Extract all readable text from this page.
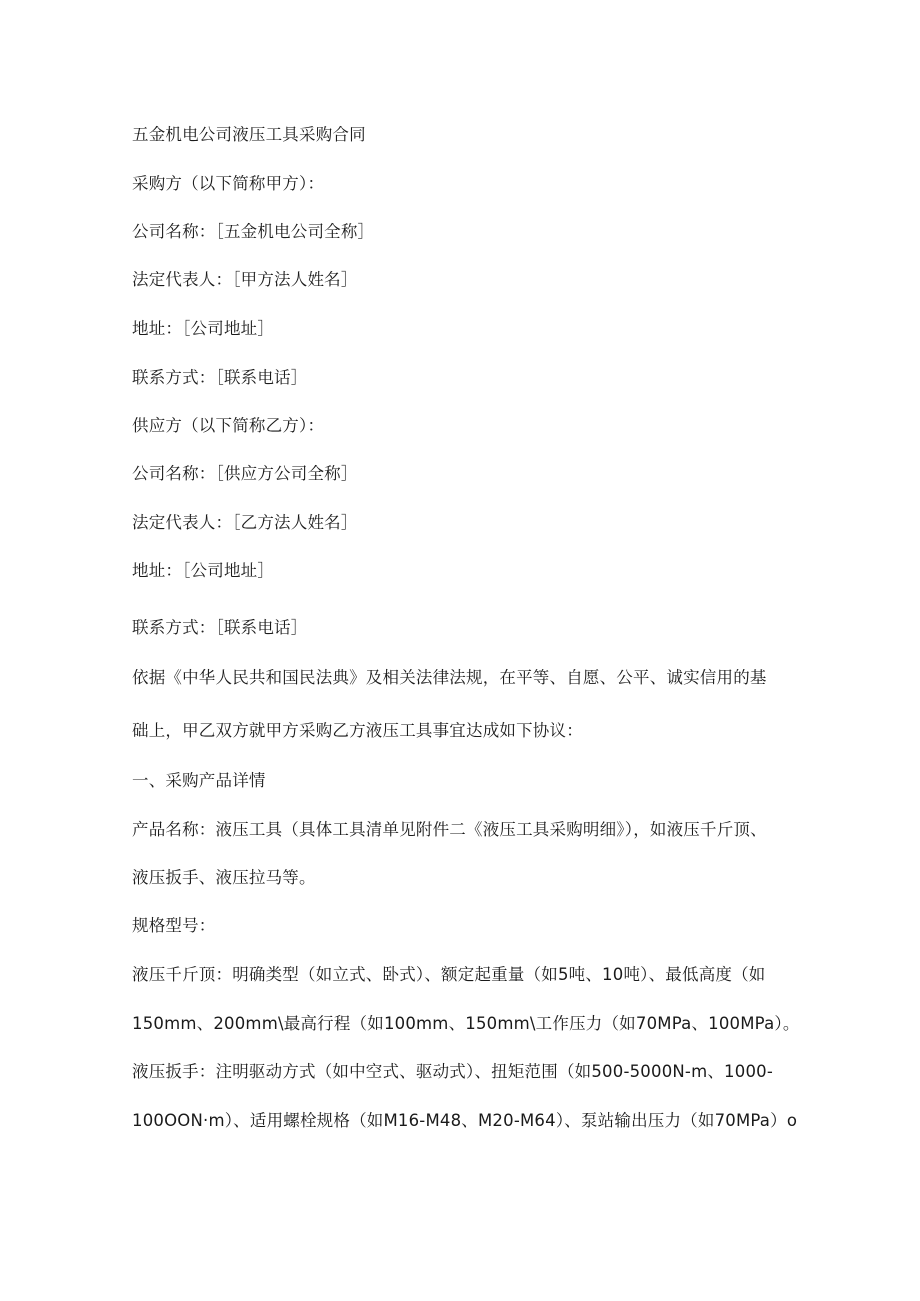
五金机电公司液压工具采购合同
采购方（以下简称甲方）：
公司名称：［五金机电公司全称］
法定代表人：［甲方法人姓名］
地址：［公司地址］
联系方式：［联系电话］
供应方（以下简称乙方）：
公司名称：［供应方公司全称］
法定代表人：［乙方法人姓名］
地址：［公司地址］
联系方式：［联系电话］
依据《中华人民共和国民法典》及相关法律法规，在平等、自愿、公平、诚实信用的基
础上，甲乙双方就甲方采购乙方液压工具事宜达成如下协议：
一、采购产品详情
产品名称：液压工具（具体工具清单见附件二《液压工具采购明细》），如液压千斤顶、
液压扳手、液压拉马等。
规格型号：
液压千斤顶：明确类型（如立式、卧式）、额定起重量（如5吨、10吨）、最低高度（如
150mm、200mm\最高行程（如100mm、150mm\工作压力（如70MPa、100MPa）。
液压扳手：注明驱动方式（如中空式、驱动式）、扭矩范围（如500-5000N-m、1000-
100OON·m）、适用螺栓规格（如M16-M48、M20-M64）、泵站输出压力（如70MPa）o
